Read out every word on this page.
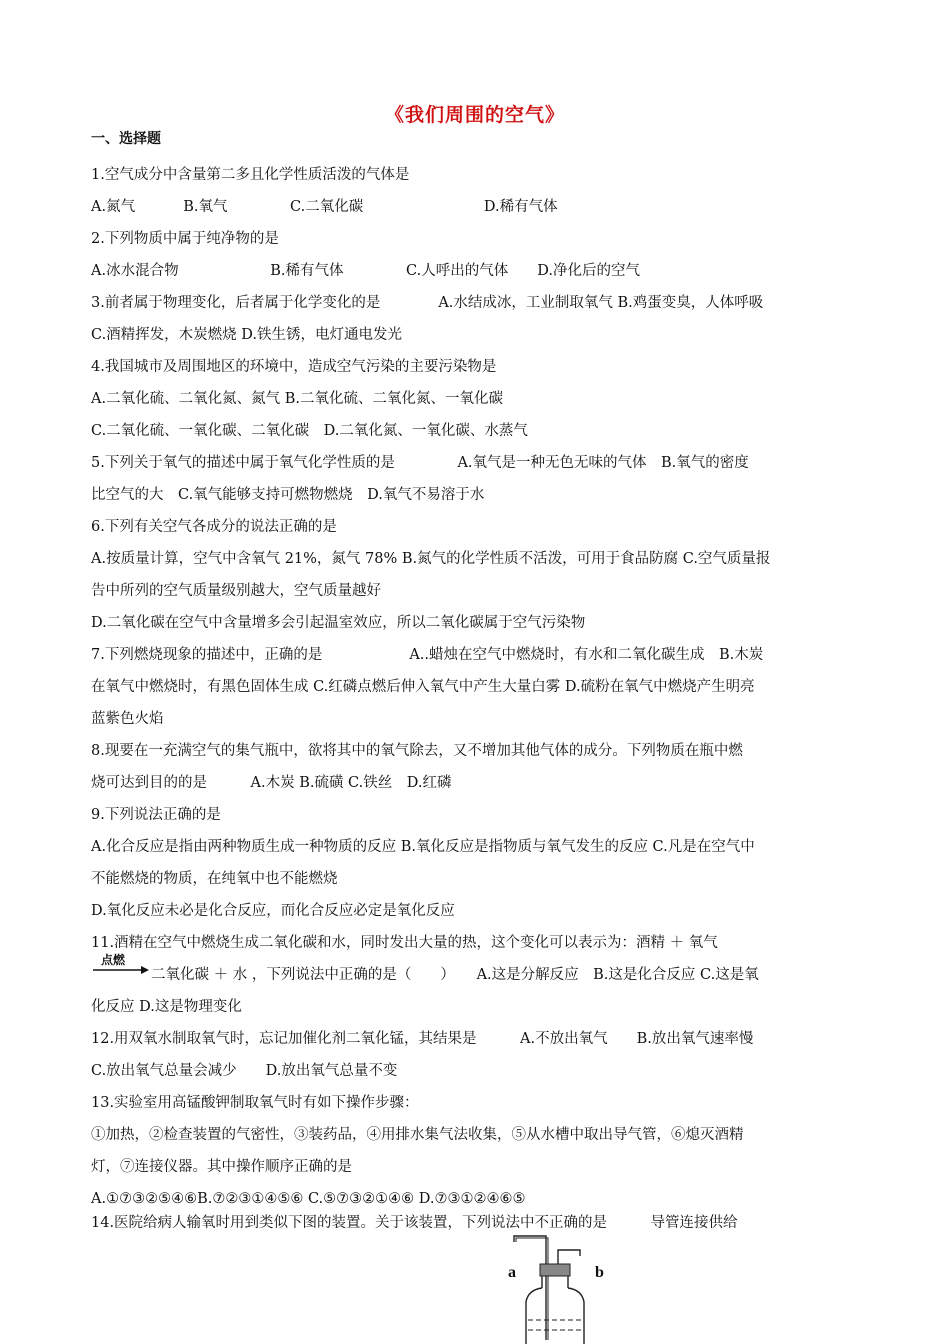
《我们周围的空气》
一、选择题
1.空气成分中含量第二多且化学性质活泼的气体是
A.氮气　　　 B.氧气　　　　 C.二氧化碳　　　　　　　　 D.稀有气体
2.下列物质中属于纯净物的是
A.冰水混合物　　　　　　 B.稀有气体　　　　 C.人呼出的气体　　D.净化后的空气
3.前者属于物理变化，后者属于化学变化的是　　　　A.水结成冰，工业制取氧气 B.鸡蛋变臭，人体呼吸
C.酒精挥发，木炭燃烧 D.铁生锈，电灯通电发光
4.我国城市及周围地区的环境中，造成空气污染的主要污染物是
A.二氧化硫、二氧化氮、氮气 B.二氧化硫、二氧化氮、一氧化碳
C.二氧化硫、一氧化碳、二氧化碳　D.二氧化氮、一氧化碳、水蒸气
5.下列关于氧气的描述中属于氧气化学性质的是　　　　 A.氧气是一种无色无味的气体　B.氧气的密度
比空气的大　C.氧气能够支持可燃物燃烧　D.氧气不易溶于水
6.下列有关空气各成分的说法正确的是
A.按质量计算，空气中含氧气 21%，氮气 78% B.氮气的化学性质不活泼，可用于食品防腐 C.空气质量报
告中所列的空气质量级别越大，空气质量越好
D.二氧化碳在空气中含量增多会引起温室效应，所以二氧化碳属于空气污染物
7.下列燃烧现象的描述中，正确的是　　　　　　A..蜡烛在空气中燃烧时，有水和二氧化碳生成　B.木炭
在氧气中燃烧时，有黑色固体生成 C.红磷点燃后伸入氧气中产生大量白雾 D.硫粉在氧气中燃烧产生明亮
蓝紫色火焰
8.现要在一充满空气的集气瓶中，欲将其中的氧气除去，又不增加其他气体的成分。下列物质在瓶中燃
烧可达到目的的是　　　A.木炭 B.硫磺 C.铁丝　D.红磷
9.下列说法正确的是
A.化合反应是指由两种物质生成一种物质的反应 B.氧化反应是指物质与氧气发生的反应 C.凡是在空气中
不能燃烧的物质，在纯氧中也不能燃烧
D.氧化反应未必是化合反应，而化合反应必定是氧化反应
11.酒精在空气中燃烧生成二氧化碳和水，同时发出大量的热，这个变化可以表示为：酒精 ＋ 氧气
点燃
二氧化碳 ＋ 水 ，下列说法中正确的是（　　）　　A.这是分解反应　B.这是化合反应 C.这是氧
化反应 D.这是物理变化
12.用双氧水制取氧气时，忘记加催化剂二氧化锰，其结果是　　　A.不放出氧气　　B.放出氧气速率慢
C.放出氧气总量会减少　　D.放出氧气总量不变
13.实验室用高锰酸钾制取氧气时有如下操作步骤：
①加热，②检查装置的气密性，③装药品，④用排水集气法收集，⑤从水槽中取出导气管，⑥熄灭酒精
灯，⑦连接仪器。其中操作顺序正确的是
A.①⑦③②⑤④⑥B.⑦②③①④⑤⑥ C.⑤⑦③②①④⑥ D.⑦③①②④⑥⑤
14.医院给病人输氧时用到类似下图的装置。关于该装置，下列说法中不正确的是　　　导管连接供给
a	b
